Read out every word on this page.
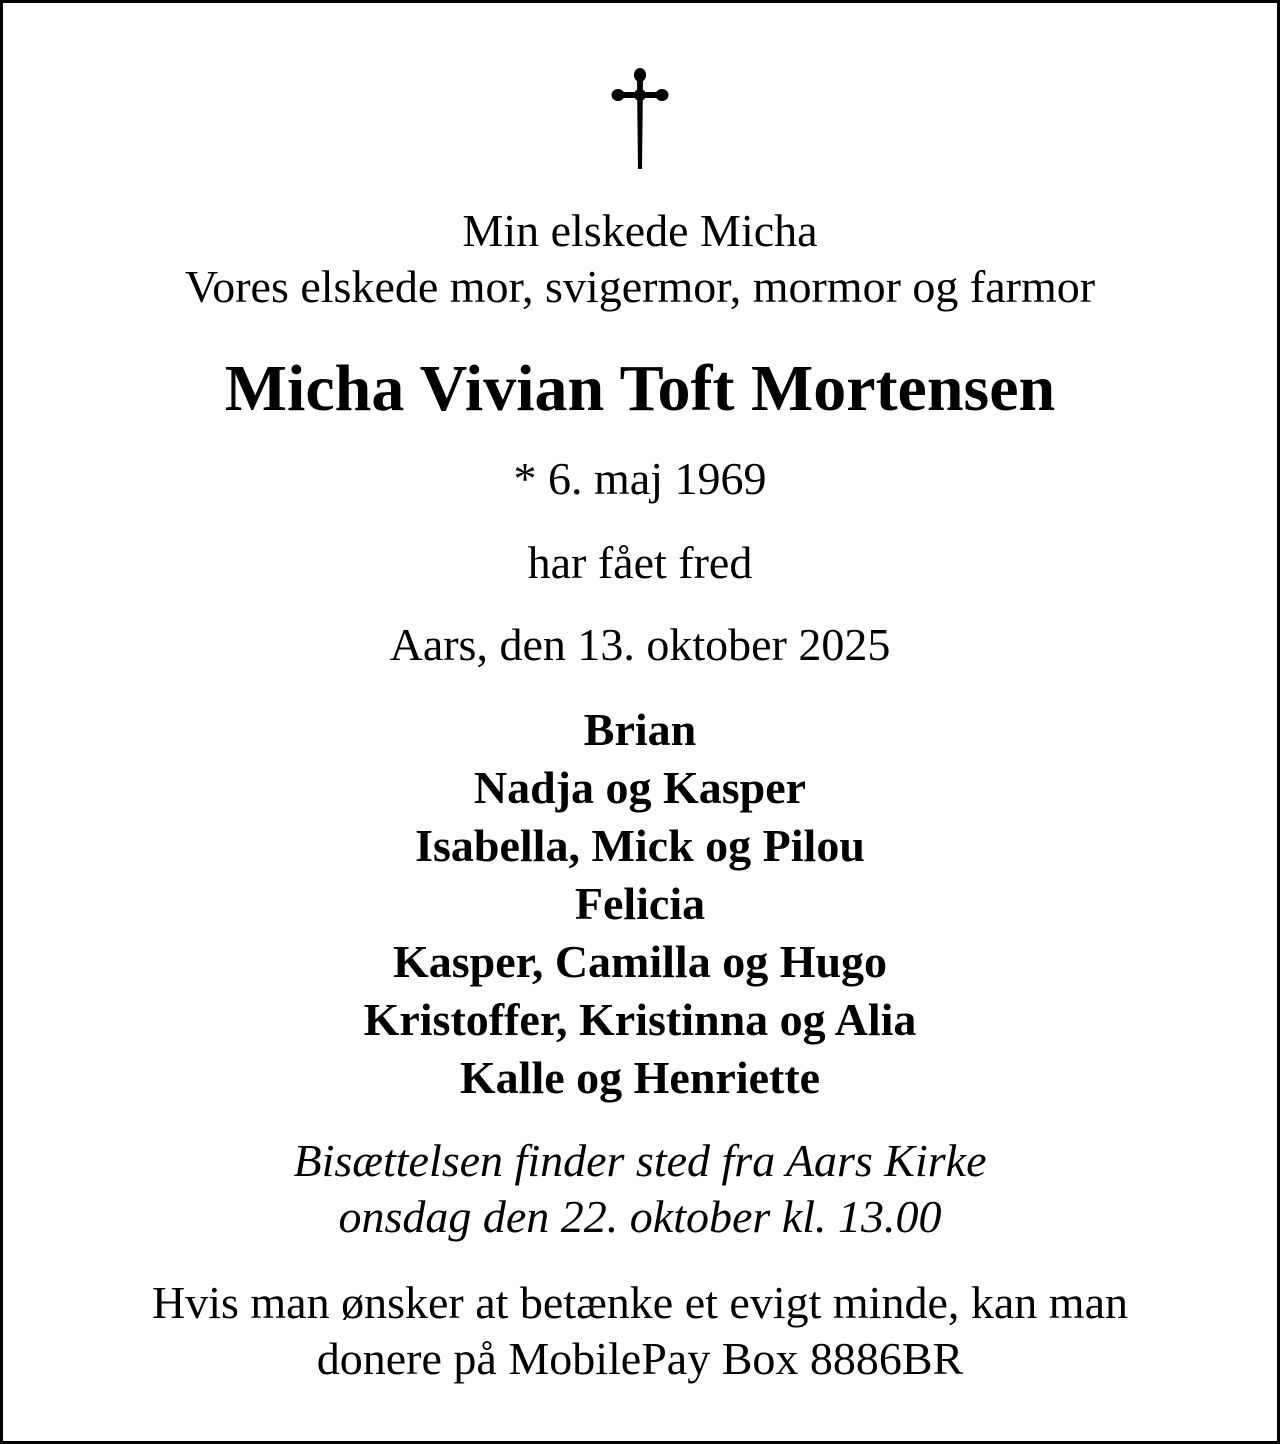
Min elskede Micha
Vores elskede mor, svigermor, mormor og farmor
Micha Vivian Toft Mortensen
* 6. maj 1969
har fået fred
Aars, den 13. oktober 2025
Brian
Nadja og Kasper
Isabella, Mick og Pilou
Felicia
Kasper, Camilla og Hugo
Kristoffer, Kristinna og Alia
Kalle og Henriette
Bisættelsen finder sted fra Aars Kirke
onsdag den 22. oktober kl. 13.00
Hvis man ønsker at betænke et evigt minde, kan man
donere på MobilePay Box 8886BR
